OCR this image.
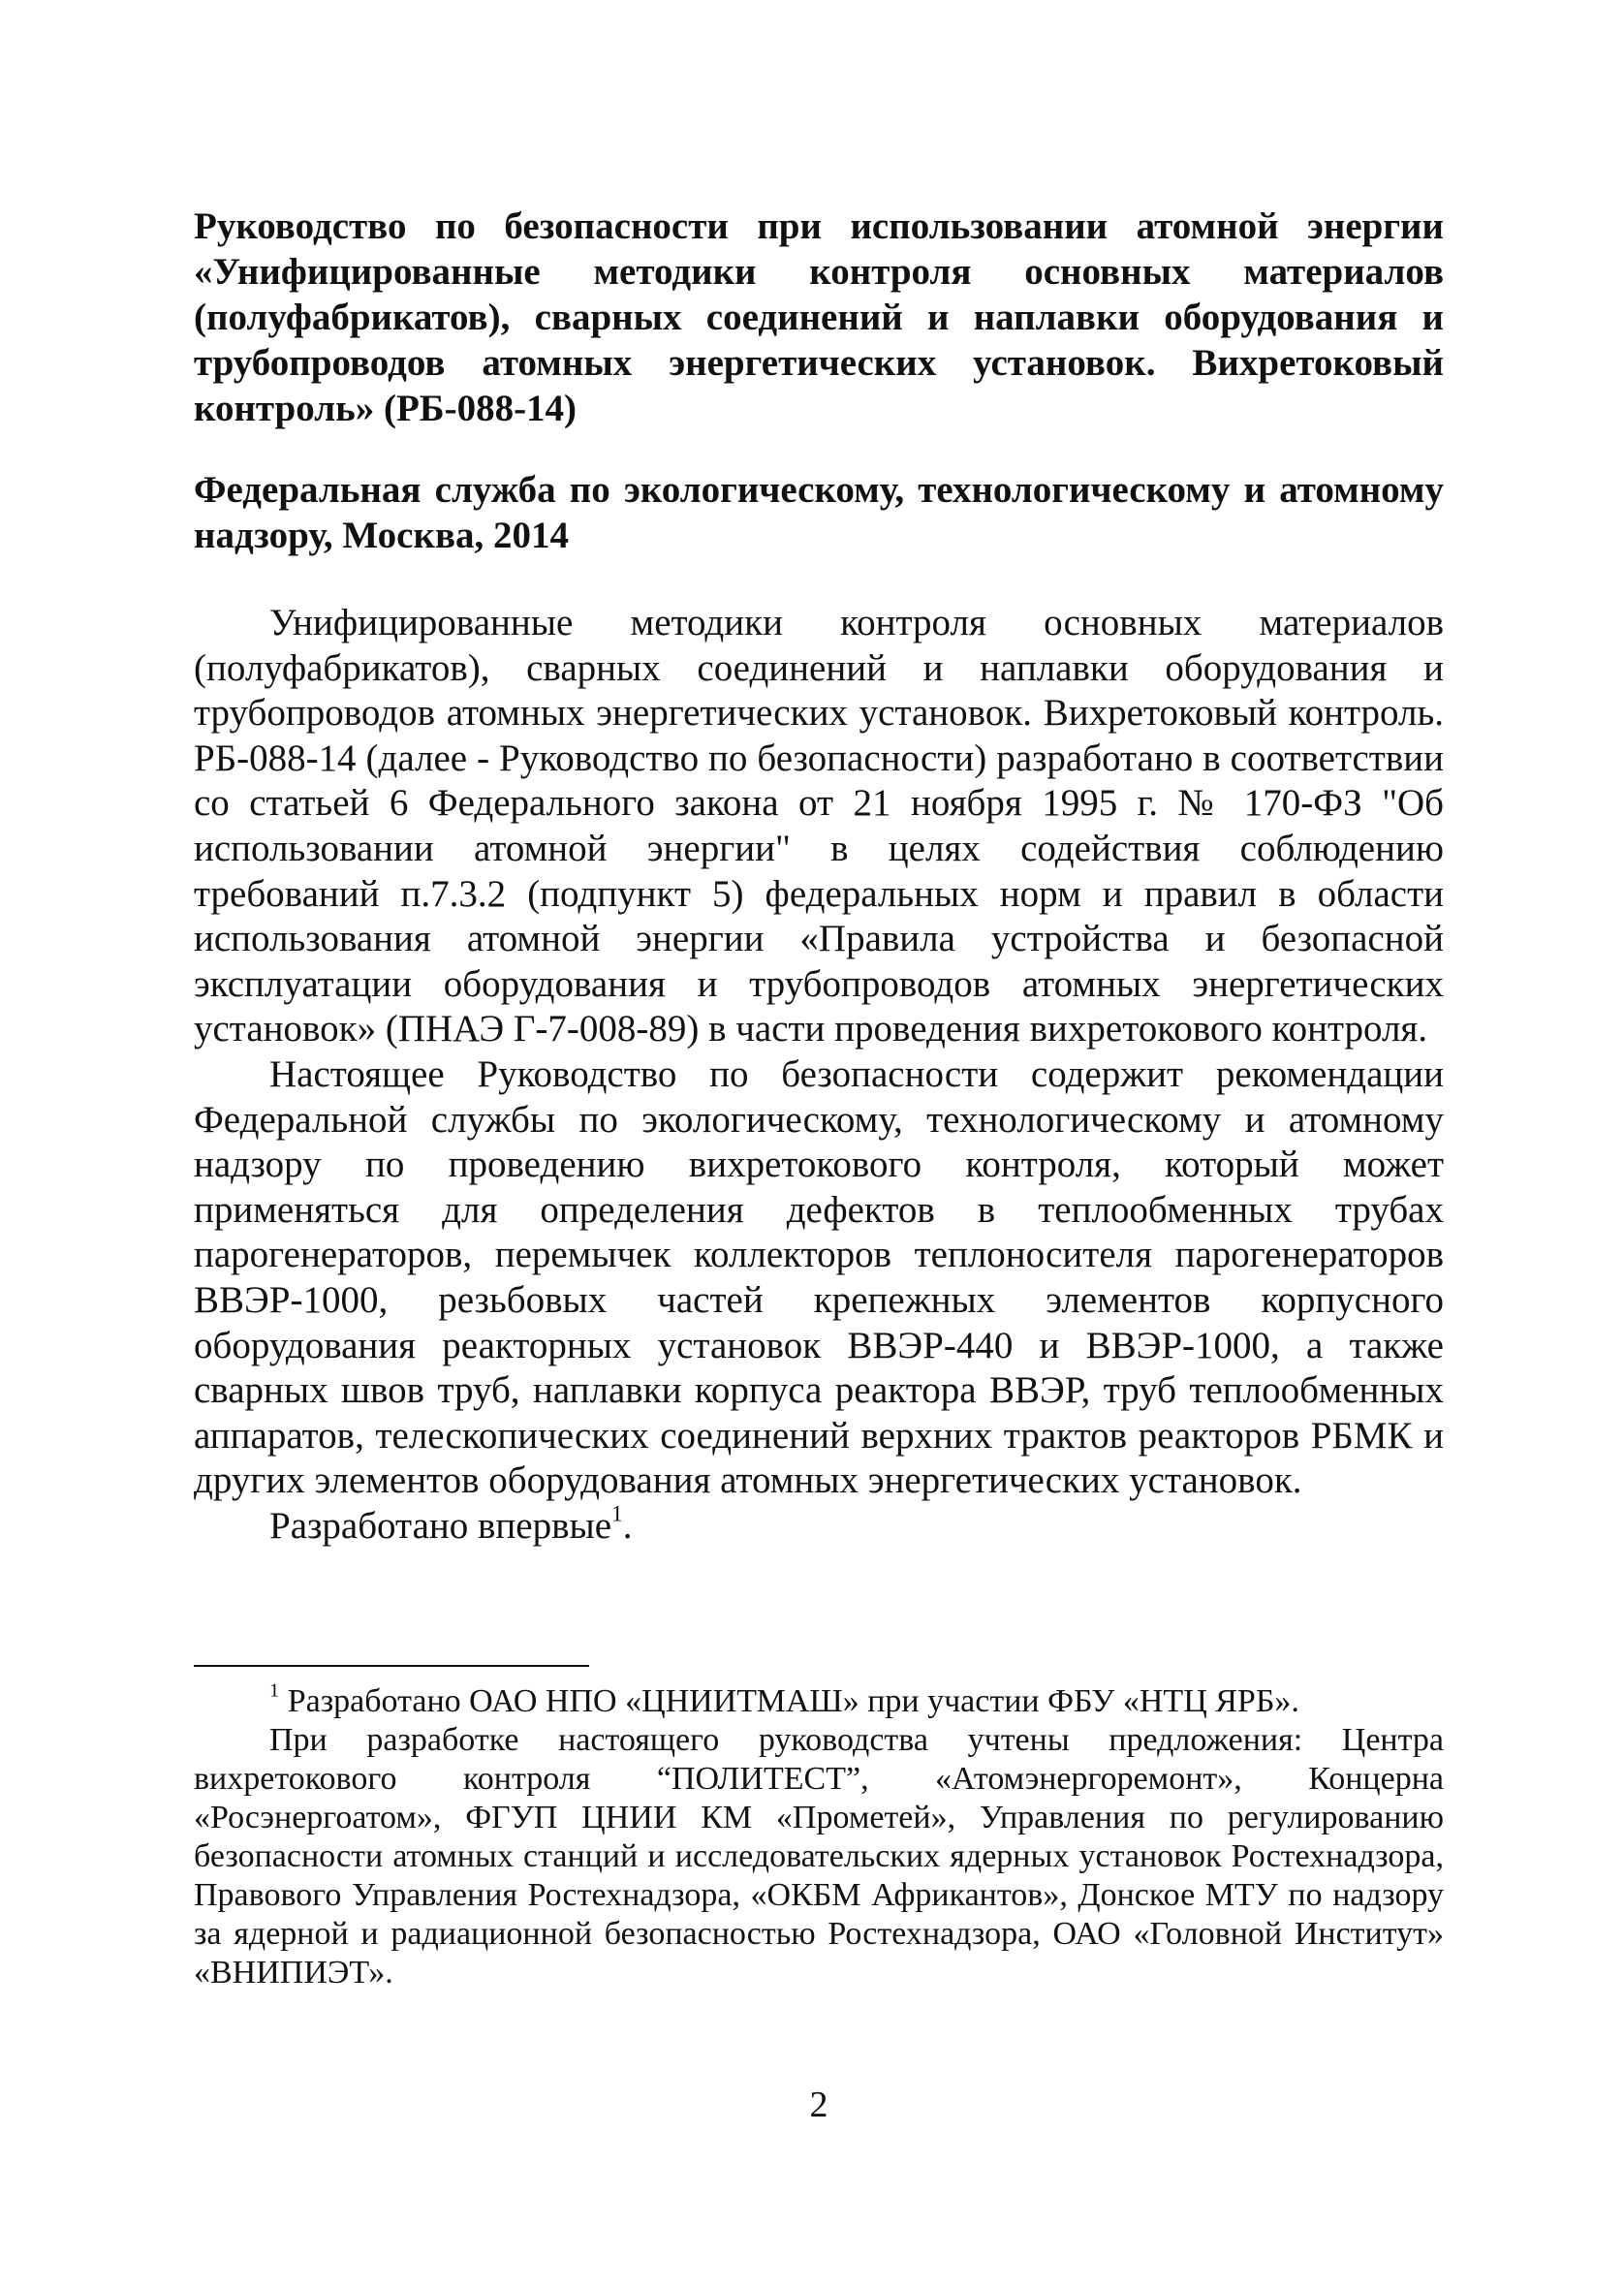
Руководство по безопасности при использовании атомной энергии «Унифицированные методики контроля основных материалов (полуфабрикатов), сварных соединений и наплавки оборудования и трубопроводов атомных энергетических установок. Вихретоковый контроль» (РБ-088-14)
Федеральная служба по экологическому, технологическому и атомному надзору, Москва, 2014

Унифицированные методики контроля основных материалов (полуфабрикатов), сварных соединений и наплавки оборудования и трубопроводов атомных энергетических установок. Вихретоковый контроль. РБ-088-14 (далее - Руководство по безопасности) разработано в соответствии со статьей 6 Федерального закона от 21 ноября 1995 г. № 170-ФЗ "Об использовании атомной энергии" в целях содействия соблюдению требований п.7.3.2 (подпункт 5) федеральных норм и правил в области использования атомной энергии «Правила устройства и безопасной эксплуатации оборудования и трубопроводов атомных энергетических установок» (ПНАЭ Г-7-008-89) в части проведения вихретокового контроля.

Настоящее Руководство по безопасности содержит рекомендации Федеральной службы по экологическому, технологическому и атомному надзору по проведению вихретокового контроля, который может применяться для определения дефектов в теплообменных трубах парогенераторов, перемычек коллекторов теплоносителя парогенераторов ВВЭР-1000, резьбовых частей крепежных элементов корпусного оборудования реакторных установок ВВЭР-440 и ВВЭР-1000, а также сварных швов труб, наплавки корпуса реактора ВВЭР, труб теплообменных аппаратов, телескопических соединений верхних трактов реакторов РБМК и других элементов оборудования атомных энергетических установок.

Разработано впервые$^1$.

$^1$ Разработано ОАО НПО «ЦНИИТМАШ» при участии ФБУ «НТЦ ЯРБ».

При разработке настоящего руководства учтены предложения: Центра вихретокового контроля “ПОЛИТЕСТ”, «Атомэнергоремонт», Концерна «Росэнергоатом», ФГУП ЦНИИ КМ «Прометей», Управления по регулированию безопасности атомных станций и исследовательских ядерных установок Ростехнадзора, Правового Управления Ростехнадзора, «ОКБМ Африкантов», Донское МТУ по надзору за ядерной и радиационной безопасностью Ростехнадзора, ОАО «Головной Институт» «ВНИПИЭТ».

2
